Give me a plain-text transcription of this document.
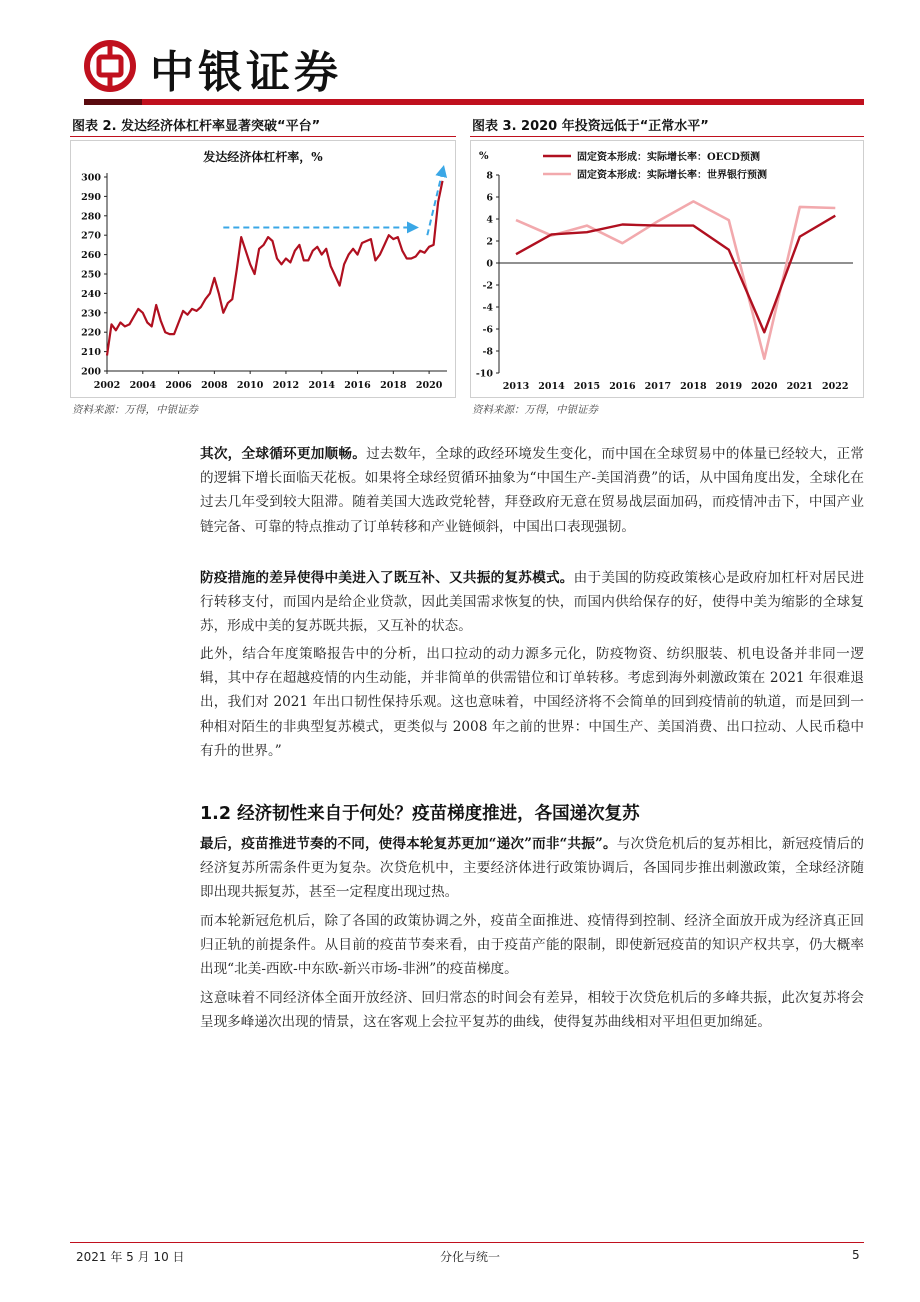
中银证券
图表 2. 发达经济体杠杆率显著突破“平台”
发达经济体杠杆率，%
200
210
220
230
240
250
260
270
280
290
300
2002 2004 2006 2008 2010 2012 2014 2016 2018 2020
资料来源：万得，中银证券
图表 3. 2020 年投资远低于“正常水平”
%
-10
-8
-6
-4
-2
0
2
4
6
8
2013 2014 2015 2016 2017 2018 2019 2020 2021 2022
固定资本形成：实际增长率：OECD预测
固定资本形成：实际增长率：世界银行预测
资料来源：万得，中银证券
其次，全球循环更加顺畅。过去数年，全球的政经环境发生变化，而中国在全球贸易中的体量已经较大，正常的逻辑下增长面临天花板。如果将全球经贸循环抽象为“中国生产-美国消费”的话，从中国角度出发，全球化在过去几年受到较大阻滞。随着美国大选政党轮替，拜登政府无意在贸易战层面加码，而疫情冲击下，中国产业链完备、可靠的特点推动了订单转移和产业链倾斜，中国出口表现强韧。
防疫措施的差异使得中美进入了既互补、又共振的复苏模式。由于美国的防疫政策核心是政府加杠杆对居民进行转移支付，而国内是给企业贷款，因此美国需求恢复的快，而国内供给保存的好，使得中美为缩影的全球复苏，形成中美的复苏既共振，又互补的状态。
此外，结合年度策略报告中的分析，出口拉动的动力源多元化，防疫物资、纺织服装、机电设备并非同一逻辑，其中存在超越疫情的内生动能，并非简单的供需错位和订单转移。考虑到海外刺激政策在 2021 年很难退出，我们对 2021 年出口韧性保持乐观。这也意味着，中国经济将不会简单的回到疫情前的轨道，而是回到一种相对陌生的非典型复苏模式，更类似与 2008 年之前的世界：中国生产、美国消费、出口拉动、人民币稳中有升的世界。”
1.2 经济韧性来自于何处？疫苗梯度推进，各国递次复苏
最后，疫苗推进节奏的不同，使得本轮复苏更加“递次”而非“共振”。与次贷危机后的复苏相比，新冠疫情后的经济复苏所需条件更为复杂。次贷危机中，主要经济体进行政策协调后，各国同步推出刺激政策，全球经济随即出现共振复苏，甚至一定程度出现过热。
而本轮新冠危机后，除了各国的政策协调之外，疫苗全面推进、疫情得到控制、经济全面放开成为经济真正回归正轨的前提条件。从目前的疫苗节奏来看，由于疫苗产能的限制，即使新冠疫苗的知识产权共享，仍大概率出现“北美-西欧-中东欧-新兴市场-非洲”的疫苗梯度。
这意味着不同经济体全面开放经济、回归常态的时间会有差异，相较于次贷危机后的多峰共振，此次复苏将会呈现多峰递次出现的情景，这在客观上会拉平复苏的曲线，使得复苏曲线相对平坦但更加绵延。
2021 年 5 月 10 日	分化与统一	5
